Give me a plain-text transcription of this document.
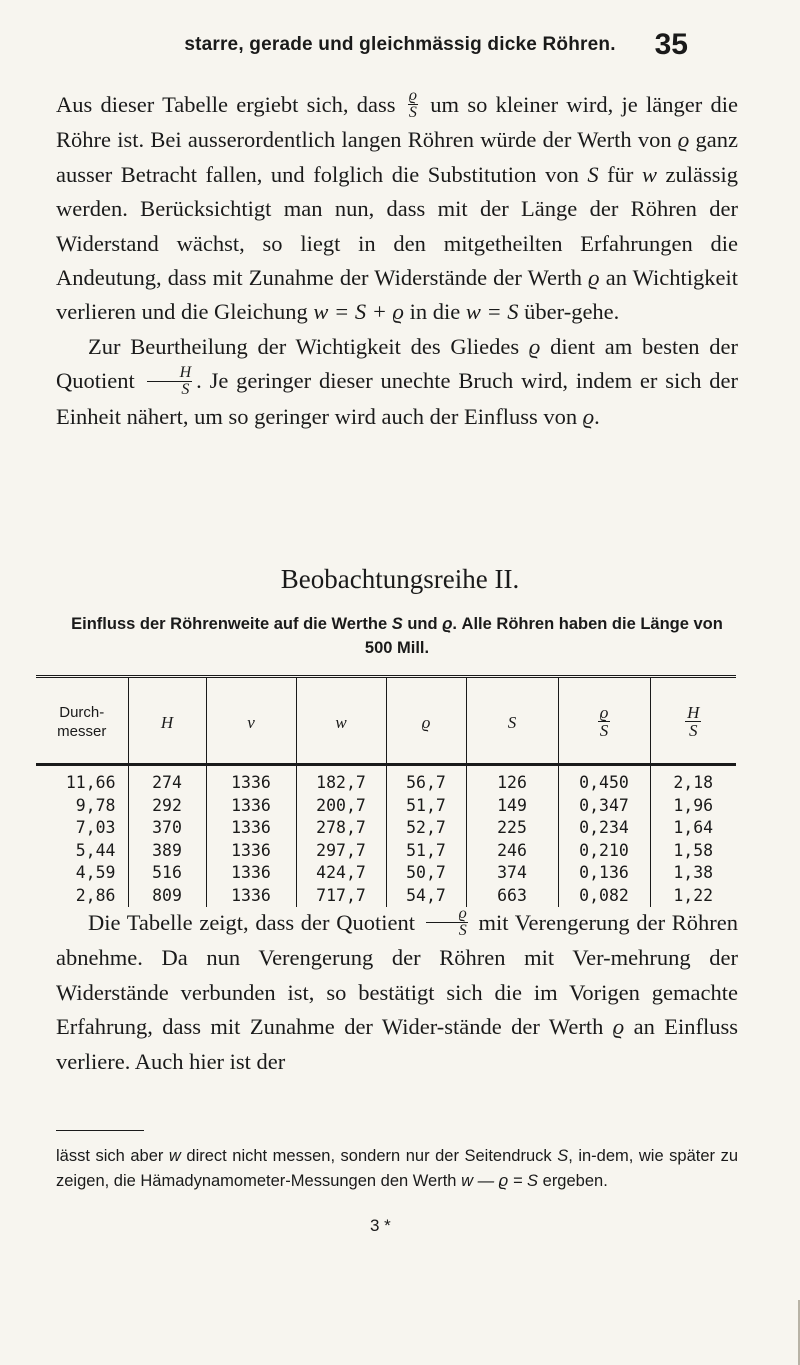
starre, gerade und gleichmässig dicke Röhren.	35

Aus dieser Tabelle ergiebt sich, dass $\frac{ϱ}{S}$ um so kleiner wird, je länger die Röhre ist. Bei ausserordentlich langen Röhren würde der Werth von ϱ ganz ausser Betracht fallen, und folglich die Substitution von S für w zulässig werden. Berücksichtigt man nun, dass mit der Länge der Röhren der Widerstand wächst, so liegt in den mitgetheilten Erfahrungen die Andeutung, dass mit Zunahme der Widerstände der Werth ϱ an Wichtigkeit verlieren und die Gleichung w = S + ϱ in die w = S über-gehe.

Zur Beurtheilung der Wichtigkeit des Gliedes ϱ dient am besten der Quotient $\frac{H}{S}$ . Je geringer dieser unechte Bruch wird, indem er sich der Einheit nähert, um so geringer wird auch der Einfluss von ϱ.

Beobachtungsreihe II.
Einfluss der Röhrenweite auf die Werthe S und ϱ. Alle Röhren haben die Länge von 500 Mill.
Durch-
messer	H	v	w	ϱ	S	$\frac{ϱ}{S}$	$\frac{H}{S}$
11,66	274	1336	182,7	56,7	126	0,450	2,18
9,78	292	1336	200,7	51,7	149	0,347	1,96
7,03	370	1336	278,7	52,7	225	0,234	1,64
5,44	389	1336	297,7	51,7	246	0,210	1,58
4,59	516	1336	424,7	50,7	374	0,136	1,38
2,86	809	1336	717,7	54,7	663	0,082	1,22

Die Tabelle zeigt, dass der Quotient $\frac{ϱ}{S}$ mit Verengerung der Röhren abnehme. Da nun Verengerung der Röhren mit Ver-mehrung der Widerstände verbunden ist, so bestätigt sich die im Vorigen gemachte Erfahrung, dass mit Zunahme der Wider-stände der Werth ϱ an Einfluss verliere. Auch hier ist der

lässt sich aber w direct nicht messen, sondern nur der Seitendruck S, in-dem, wie später zu zeigen, die Hämadynamometer-Messungen den Werth w — ϱ = S ergeben.

3 *
